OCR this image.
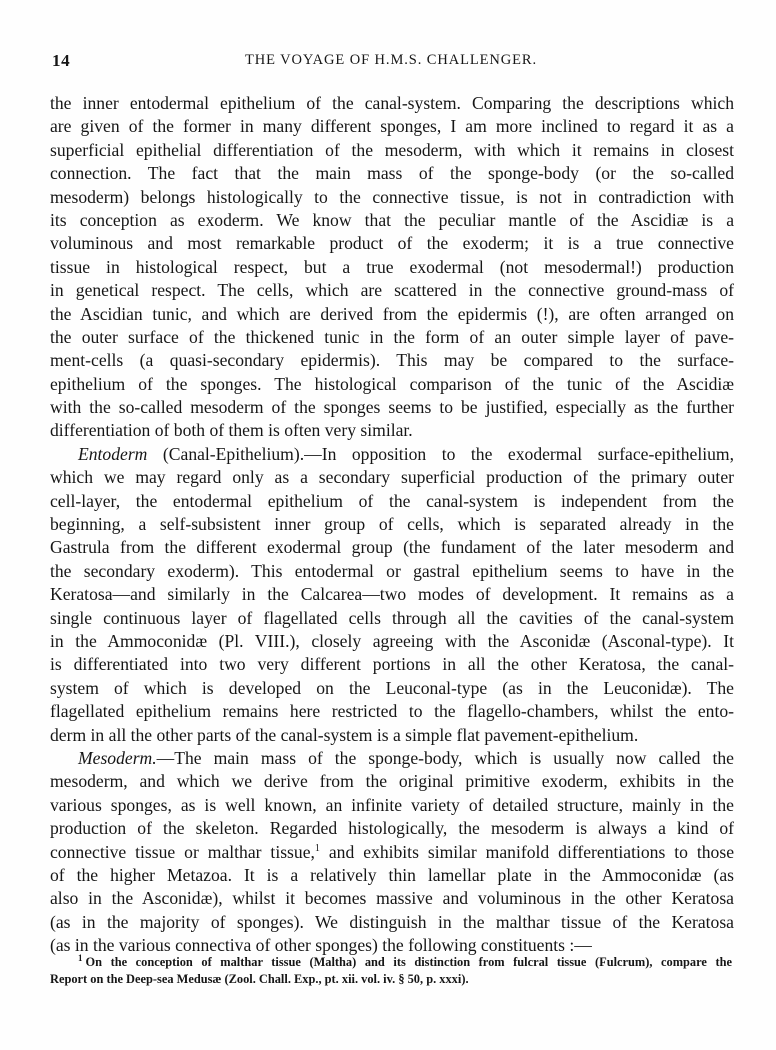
14	THE VOYAGE OF H.M.S. CHALLENGER.
the inner entodermal epithelium of the canal-system. Comparing the descriptions which
are given of the former in many different sponges, I am more inclined to regard it as a
superficial epithelial differentiation of the mesoderm, with which it remains in closest
connection. The fact that the main mass of the sponge-body (or the so-called
mesoderm) belongs histologically to the connective tissue, is not in contradiction with
its conception as exoderm. We know that the peculiar mantle of the Ascidiæ is a
voluminous and most remarkable product of the exoderm; it is a true connective
tissue in histological respect, but a true exodermal (not mesodermal!) production
in genetical respect. The cells, which are scattered in the connective ground-mass of
the Ascidian tunic, and which are derived from the epidermis (!), are often arranged on
the outer surface of the thickened tunic in the form of an outer simple layer of pave-
ment-cells (a quasi-secondary epidermis). This may be compared to the surface-
epithelium of the sponges. The histological comparison of the tunic of the Ascidiæ
with the so-called mesoderm of the sponges seems to be justified, especially as the further
differentiation of both of them is often very similar.
Entoderm (Canal-Epithelium).—In opposition to the exodermal surface-epithelium,
which we may regard only as a secondary superficial production of the primary outer
cell-layer, the entodermal epithelium of the canal-system is independent from the
beginning, a self-subsistent inner group of cells, which is separated already in the
Gastrula from the different exodermal group (the fundament of the later mesoderm and
the secondary exoderm). This entodermal or gastral epithelium seems to have in the
Keratosa—and similarly in the Calcarea—two modes of development. It remains as a
single continuous layer of flagellated cells through all the cavities of the canal-system
in the Ammoconidæ (Pl. VIII.), closely agreeing with the Asconidæ (Asconal-type). It
is differentiated into two very different portions in all the other Keratosa, the canal-
system of which is developed on the Leuconal-type (as in the Leuconidæ). The
flagellated epithelium remains here restricted to the flagello-chambers, whilst the ento-
derm in all the other parts of the canal-system is a simple flat pavement-epithelium.
Mesoderm.—The main mass of the sponge-body, which is usually now called the
mesoderm, and which we derive from the original primitive exoderm, exhibits in the
various sponges, as is well known, an infinite variety of detailed structure, mainly in the
production of the skeleton. Regarded histologically, the mesoderm is always a kind of
connective tissue or malthar tissue,$^1$ and exhibits similar manifold differentiations to those
of the higher Metazoa. It is a relatively thin lamellar plate in the Ammoconidæ (as
also in the Asconidæ), whilst it becomes massive and voluminous in the other Keratosa
(as in the majority of sponges). We distinguish in the malthar tissue of the Keratosa
(as in the various connectiva of other sponges) the following constituents :—
$^1$ On the conception of malthar tissue (Maltha) and its distinction from fulcral tissue (Fulcrum), compare the
Report on the Deep-sea Medusæ (Zool. Chall. Exp., pt. xii. vol. iv. § 50, p. xxxi).
